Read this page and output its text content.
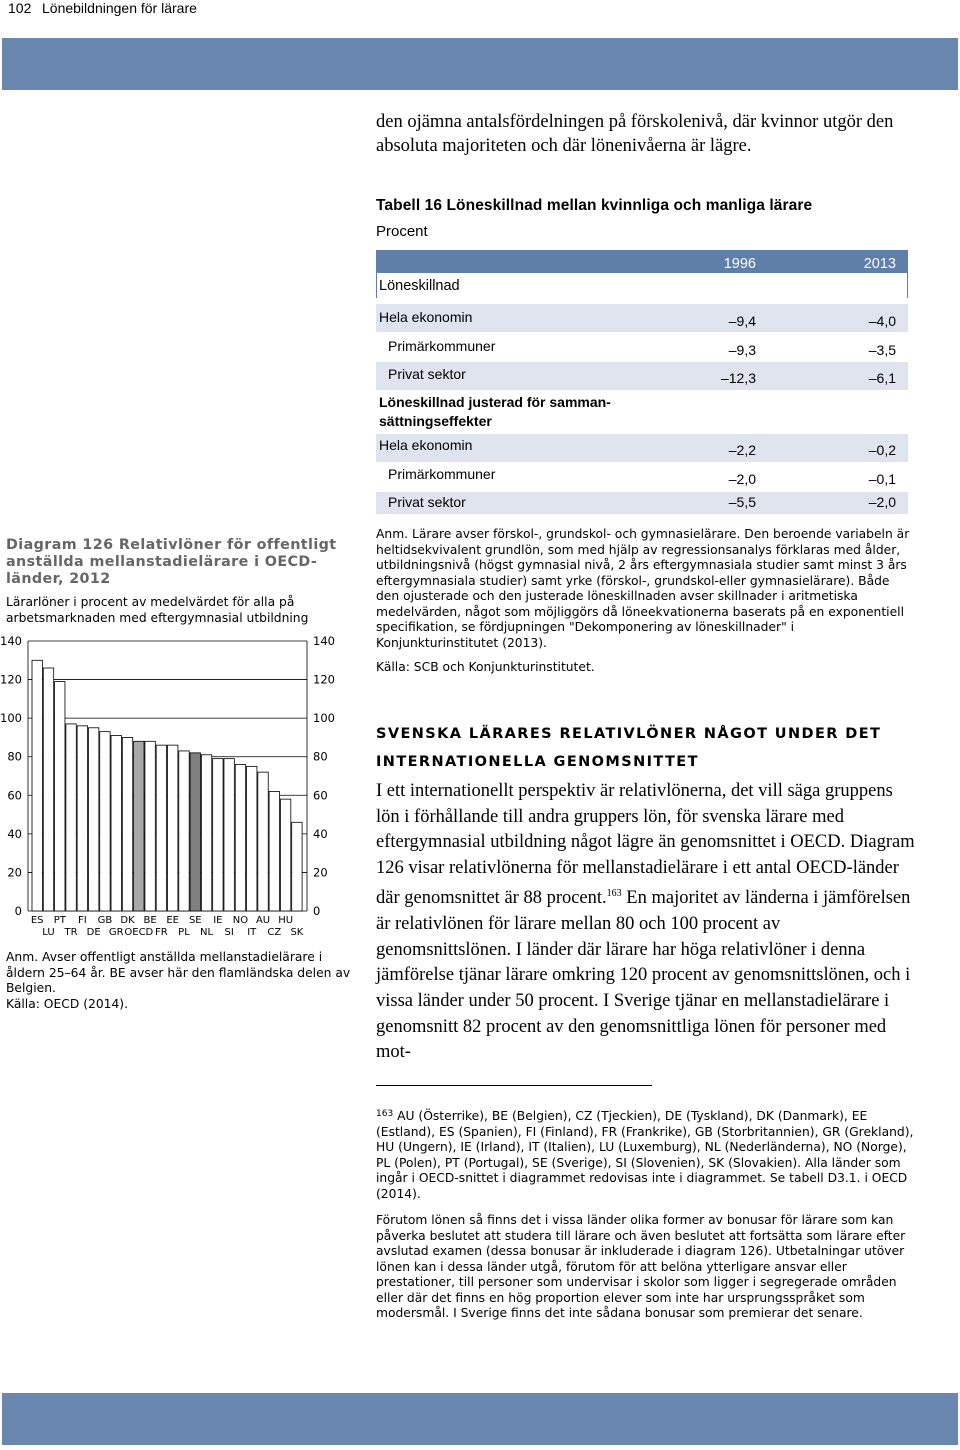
102 Lönebildningen för lärare
den ojämna antalsfördelningen på förskolenivå, där kvinnor utgör den absoluta majoriteten och där lönenivåerna är lägre.
Tabell 16 Löneskillnad mellan kvinnliga och manliga lärare
Procent
1996	2013
Löneskillnad
Hela ekonomin	–9,4	–4,0
Primärkommuner	–9,3	–3,5
Privat sektor	–12,3	–6,1
Löneskillnad justerad för samman-sättningseffekter
Hela ekonomin	–2,2	–0,2
Primärkommuner	–2,0	–0,1
Privat sektor	–5,5	–2,0
Anm. Lärare avser förskol-, grundskol- och gymnasielärare. Den beroende variabeln är heltidsekvivalent grundlön, som med hjälp av regressionsanalys förklaras med ålder, utbildningsnivå (högst gymnasial nivå, 2 års eftergymnasiala studier samt minst 3 års eftergymnasiala studier) samt yrke (förskol-, grundskol-eller gymnasielärare). Både den ojusterade och den justerade löneskillnaden avser skillnader i aritmetiska medelvärden, något som möjliggörs då löneekvationerna baserats på en exponentiell specifikation, se fördjupningen "Dekomponering av löneskillnader" i Konjunkturinstitutet (2013).
Källa: SCB och Konjunkturinstitutet.
SVENSKA LÄRARES RELATIVLÖNER NÅGOT UNDER DET INTERNATIONELLA GENOMSNITTET
I ett internationellt perspektiv är relativlönerna, det vill säga gruppens lön i förhållande till andra gruppers lön, för svenska lärare med eftergymnasial utbildning något lägre än genomsnittet i OECD. Diagram 126 visar relativlönerna för mellanstadielärare i ett antal OECD-länder där genomsnittet är 88 procent.$^{163}$ En majoritet av länderna i jämförelsen är relativlönen för lärare mellan 80 och 100 procent av genomsnittslönen. I länder där lärare har höga relativlöner i denna jämförelse tjänar lärare omkring 120 procent av genomsnittslönen, och i vissa länder under 50 procent. I Sverige tjänar en mellanstadielärare i genomsnitt 82 procent av den genomsnittliga lönen för personer med mot-
$^{163}$ AU (Österrike), BE (Belgien), CZ (Tjeckien), DE (Tyskland), DK (Danmark), EE (Estland), ES (Spanien), FI (Finland), FR (Frankrike), GB (Storbritannien), GR (Grekland), HU (Ungern), IE (Irland), IT (Italien), LU (Luxemburg), NL (Nederländerna), NO (Norge), PL (Polen), PT (Portugal), SE (Sverige), SI (Slovenien), SK (Slovakien). Alla länder som ingår i OECD-snittet i diagrammet redovisas inte i diagrammet. Se tabell D3.1. i OECD (2014).
Förutom lönen så finns det i vissa länder olika former av bonusar för lärare som kan påverka beslutet att studera till lärare och även beslutet att fortsätta som lärare efter avslutad examen (dessa bonusar är inkluderade i diagram 126). Utbetalningar utöver lönen kan i dessa länder utgå, förutom för att belöna ytterligare ansvar eller prestationer, till personer som undervisar i skolor som ligger i segregerade områden eller där det finns en hög proportion elever som inte har ursprungsspråket som modersmål. I Sverige finns det inte sådana bonusar som premierar det senare.
Diagram 126 Relativlöner för offentligt anställda mellanstadielärare i OECD-länder, 2012
Lärarlöner i procent av medelvärdet för alla på arbetsmarknaden med eftergymnasial utbildning
0	0
20	20
40	40
60	60
80	80
100	100
120	120
140	140
ES
LU
PT
TR
FI
DE
GB
GR
DK
OECD
BE
FR
EE
PL
SE
NL
IE
SI
NO
IT
AU
CZ
HU
SK
Anm. Avser offentligt anställda mellanstadielärare i åldern 25–64 år. BE avser här den flamländska delen av Belgien.
Källa: OECD (2014).
